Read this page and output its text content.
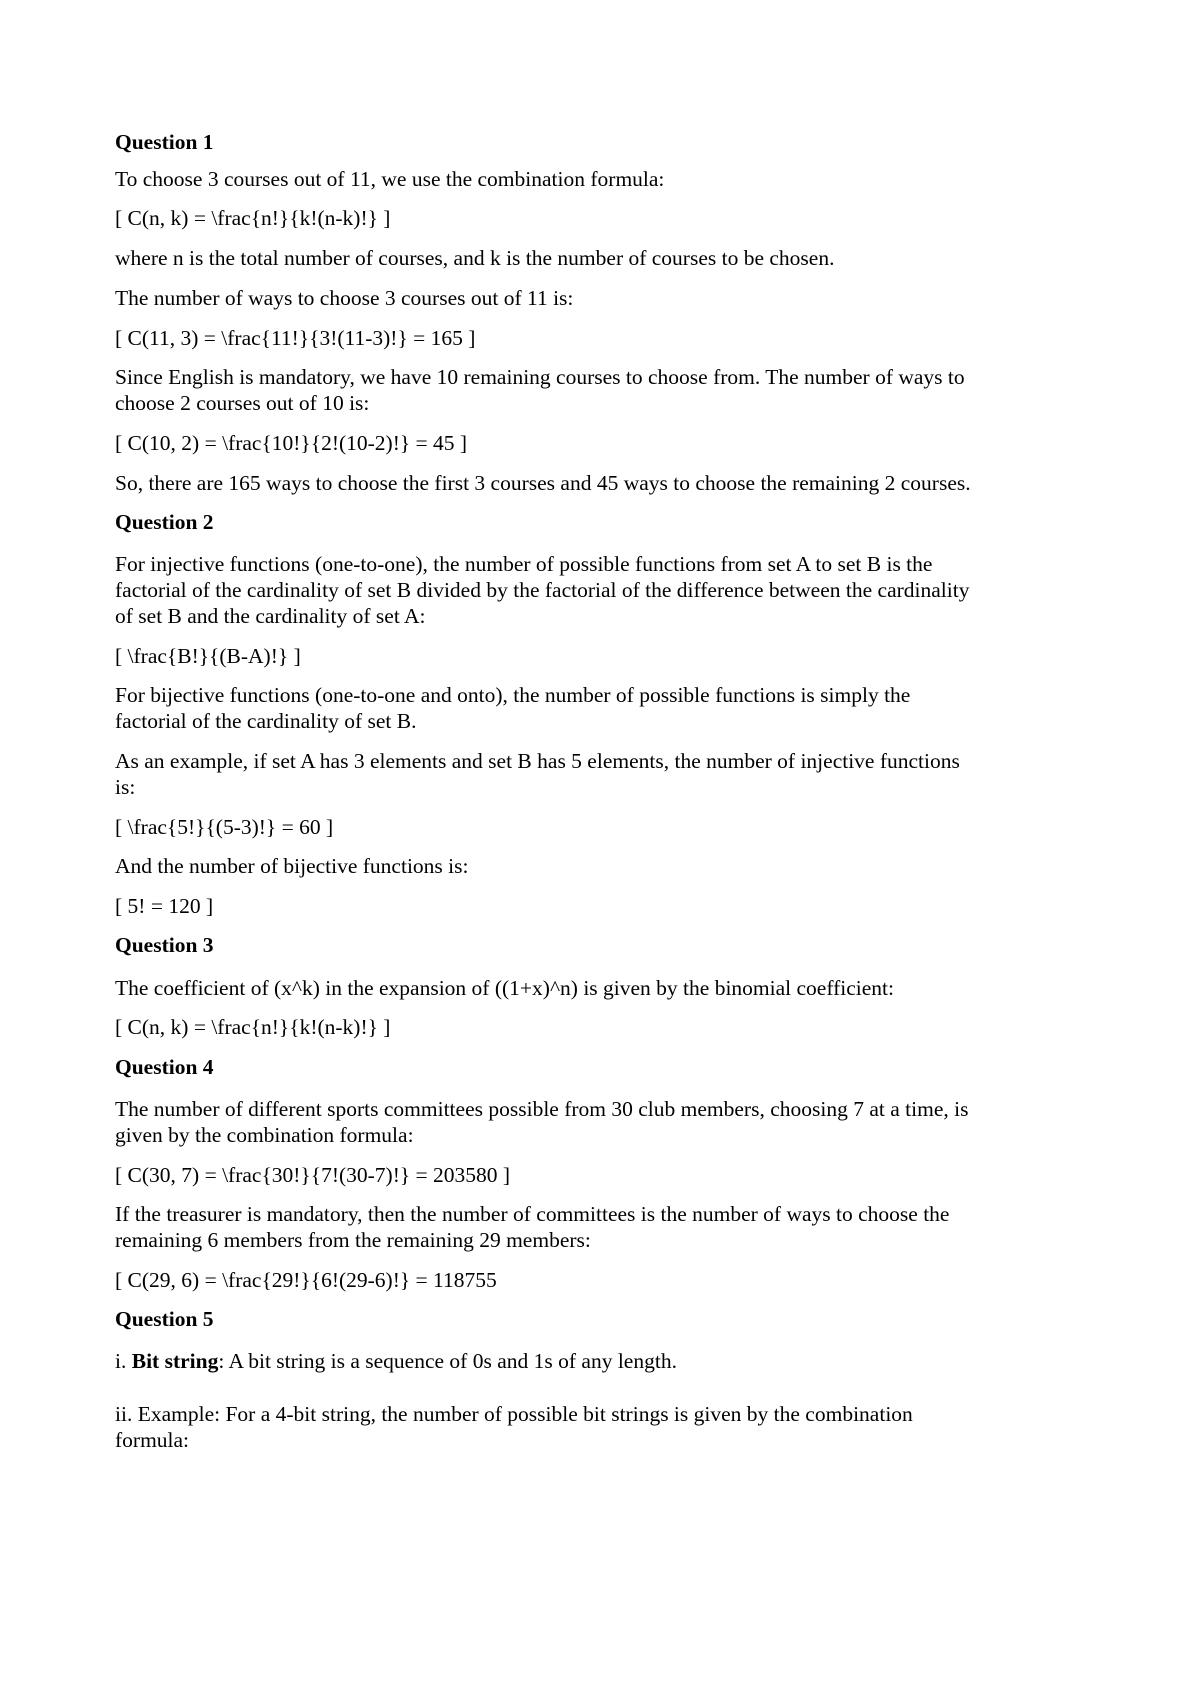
Question 1
To choose 3 courses out of 11, we use the combination formula:
[ C(n, k) = \frac{n!}{k!(n-k)!} ]
where n is the total number of courses, and k is the number of courses to be chosen.
The number of ways to choose 3 courses out of 11 is:
[ C(11, 3) = \frac{11!}{3!(11-3)!} = 165 ]
Since English is mandatory, we have 10 remaining courses to choose from. The number of ways to
choose 2 courses out of 10 is:
[ C(10, 2) = \frac{10!}{2!(10-2)!} = 45 ]
So, there are 165 ways to choose the first 3 courses and 45 ways to choose the remaining 2 courses.
Question 2
For injective functions (one-to-one), the number of possible functions from set A to set B is the
factorial of the cardinality of set B divided by the factorial of the difference between the cardinality
of set B and the cardinality of set A:
[ \frac{B!}{(B-A)!} ]
For bijective functions (one-to-one and onto), the number of possible functions is simply the
factorial of the cardinality of set B.
As an example, if set A has 3 elements and set B has 5 elements, the number of injective functions
is:
[ \frac{5!}{(5-3)!} = 60 ]
And the number of bijective functions is:
[ 5! = 120 ]
Question 3
The coefficient of (x^k) in the expansion of ((1+x)^n) is given by the binomial coefficient:
[ C(n, k) = \frac{n!}{k!(n-k)!} ]
Question 4
The number of different sports committees possible from 30 club members, choosing 7 at a time, is
given by the combination formula:
[ C(30, 7) = \frac{30!}{7!(30-7)!} = 203580 ]
If the treasurer is mandatory, then the number of committees is the number of ways to choose the
remaining 6 members from the remaining 29 members:
[ C(29, 6) = \frac{29!}{6!(29-6)!} = 118755
Question 5
i. Bit string: A bit string is a sequence of 0s and 1s of any length.
ii. Example: For a 4-bit string, the number of possible bit strings is given by the combination
formula:
